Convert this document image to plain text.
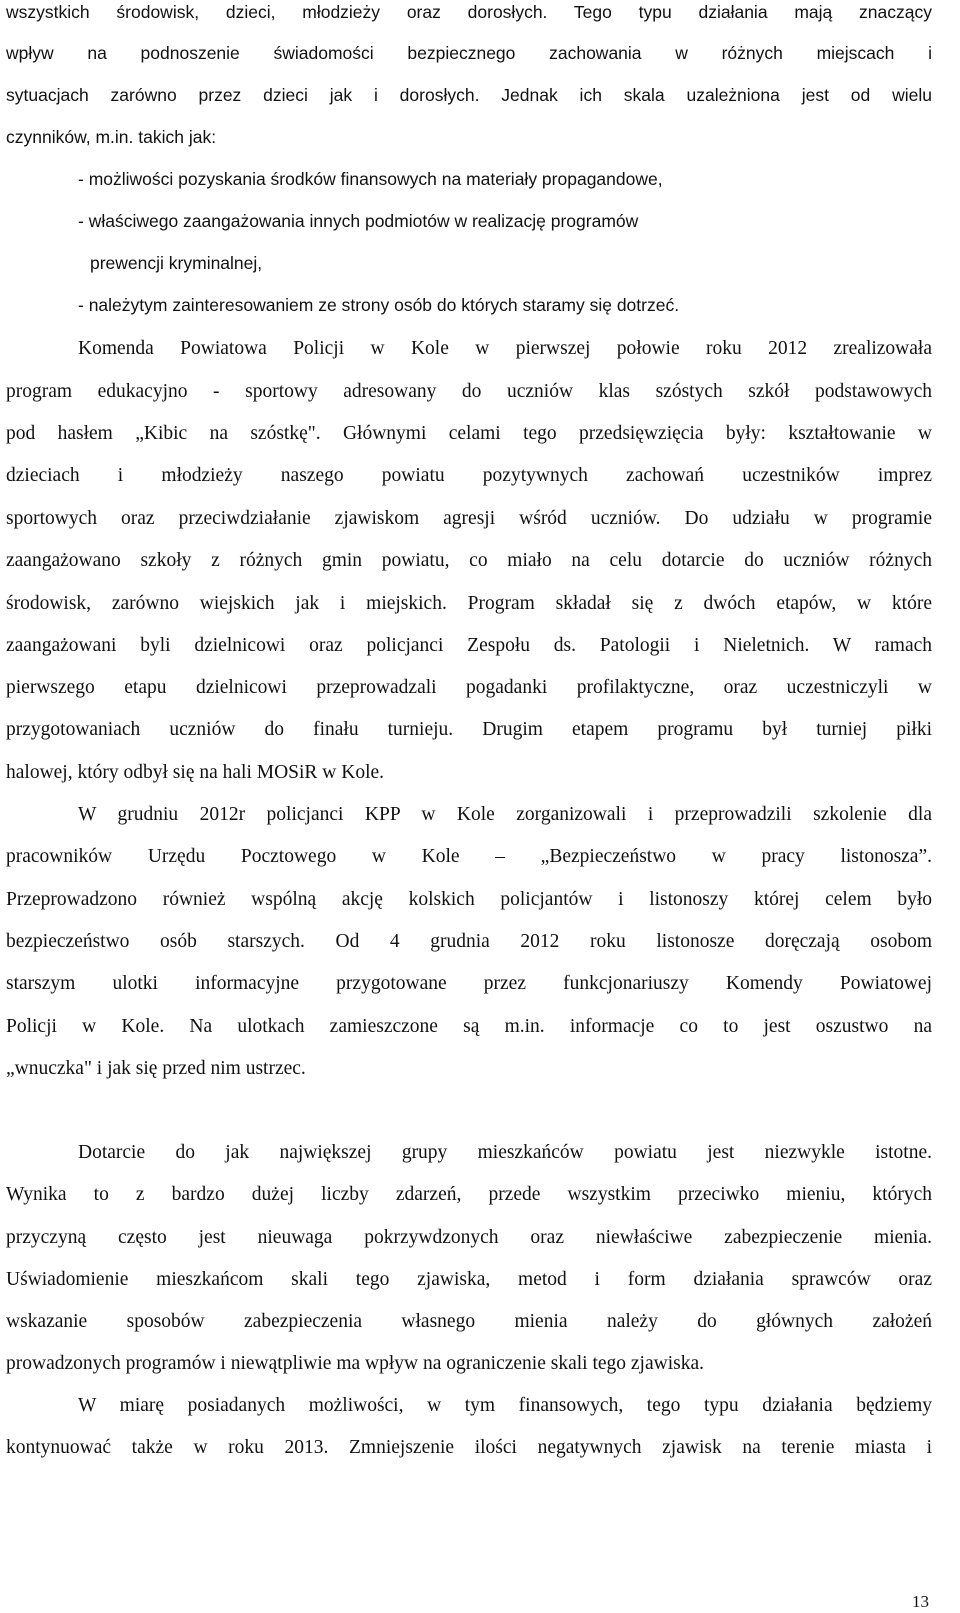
wszystkich środowisk, dzieci, młodzieży oraz dorosłych. Tego typu działania mają znaczący
wpływ na podnoszenie świadomości bezpiecznego zachowania w różnych miejscach i
sytuacjach zarówno przez dzieci jak i dorosłych. Jednak ich skala uzależniona jest od wielu
czynników, m.in. takich jak:
- możliwości pozyskania środków finansowych na materiały propagandowe,
- właściwego zaangażowania innych podmiotów w realizację programów
prewencji kryminalnej,
- należytym zainteresowaniem ze strony osób do których staramy się dotrzeć.
Komenda Powiatowa Policji w Kole w pierwszej połowie roku 2012 zrealizowała
program edukacyjno - sportowy adresowany do uczniów klas szóstych szkół podstawowych
pod hasłem „Kibic na szóstkę". Głównymi celami tego przedsięwzięcia były: kształtowanie w
dzieciach i młodzieży naszego powiatu pozytywnych zachowań uczestników imprez
sportowych oraz przeciwdziałanie zjawiskom agresji wśród uczniów. Do udziału w programie
zaangażowano szkoły z różnych gmin powiatu, co miało na celu dotarcie do uczniów różnych
środowisk, zarówno wiejskich jak i miejskich. Program składał się z dwóch etapów, w które
zaangażowani byli dzielnicowi oraz policjanci Zespołu ds. Patologii i Nieletnich. W ramach
pierwszego etapu dzielnicowi przeprowadzali pogadanki profilaktyczne, oraz uczestniczyli w
przygotowaniach uczniów do finału turnieju. Drugim etapem programu był turniej piłki
halowej, który odbył się na hali MOSiR w Kole.
W grudniu 2012r policjanci KPP w Kole zorganizowali i przeprowadzili szkolenie dla
pracowników Urzędu Pocztowego w Kole – „Bezpieczeństwo w pracy listonosza”.
Przeprowadzono również wspólną akcję kolskich policjantów i listonoszy której celem było
bezpieczeństwo osób starszych. Od 4 grudnia 2012 roku listonosze doręczają osobom
starszym ulotki informacyjne przygotowane przez funkcjonariuszy Komendy Powiatowej
Policji w Kole. Na ulotkach zamieszczone są m.in. informacje co to jest oszustwo na
„wnuczka" i jak się przed nim ustrzec.
Dotarcie do jak największej grupy mieszkańców powiatu jest niezwykle istotne.
Wynika to z bardzo dużej liczby zdarzeń, przede wszystkim przeciwko mieniu, których
przyczyną często jest nieuwaga pokrzywdzonych oraz niewłaściwe zabezpieczenie mienia.
Uświadomienie mieszkańcom skali tego zjawiska, metod i form działania sprawców oraz
wskazanie sposobów zabezpieczenia własnego mienia należy do głównych założeń
prowadzonych programów i niewątpliwie ma wpływ na ograniczenie skali tego zjawiska.
W miarę posiadanych możliwości, w tym finansowych, tego typu działania będziemy
kontynuować także w roku 2013. Zmniejszenie ilości negatywnych zjawisk na terenie miasta i
13
